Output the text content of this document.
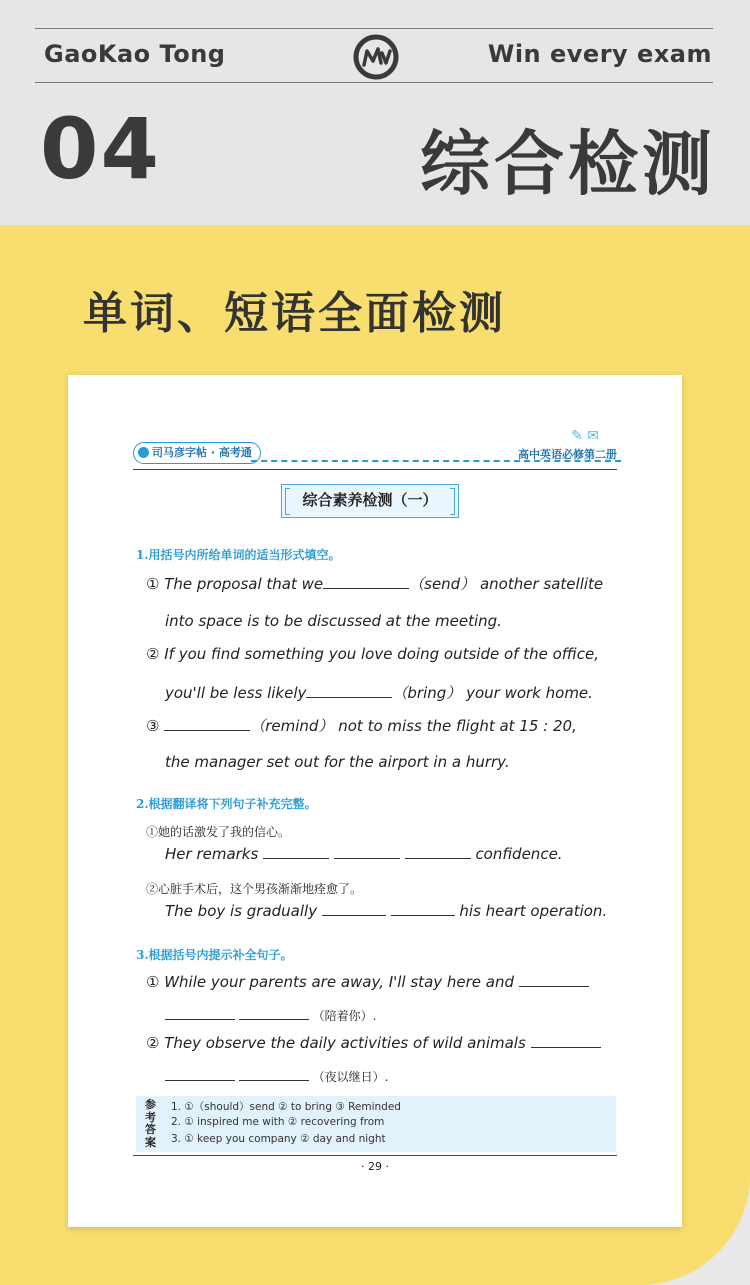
GaoKao Tong	Win every exam
04	综合检测
单词、短语全面检测
司马彦字帖 · 高考通
✎ ✉
高中英语必修第二册
综合素养检测（一）
1.用括号内所给单词的适当形式填空。
① The proposal that we	（send） another satellite
into space is to be discussed at the meeting.
② If you find something you love doing outside of the office,
you'll be less likely	（bring） your work home.
③	（remind） not to miss the flight at 15 : 20,
the manager set out for the airport in a hurry.
2.根据翻译将下列句子补充完整。
①她的话激发了我的信心。
Her remarks	confidence.
②心脏手术后，这个男孩渐渐地痊愈了。
The boy is gradually	his heart operation.
3.根据括号内提示补全句子。
① While your parents are away, I'll stay here and
（陪着你）.
② They observe the daily activities of wild animals
（夜以继日）.
参考答案
1. ①（should）send ② to bring ③ Reminded
2. ① inspired me with ② recovering from
3. ① keep you company ② day and night
· 29 ·
